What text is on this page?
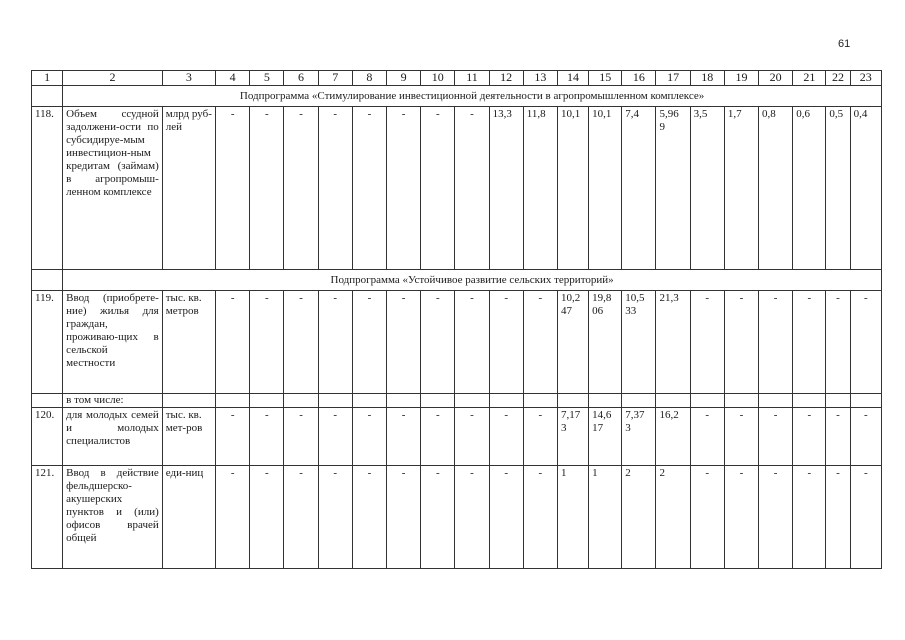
61
1	2	3	4	5	6	7	8	9	10	11	12	13	14	15	16	17	18	19	20	21	22	23
	Подпрограмма «Стимулирование инвестиционной деятельности в агропромышленном комплексе»																					
118.	Объем ссудной задолжени-ости по субсидируе-мым инвестицион-ным кредитам (займам) в агропромыш-ленном комплексе	млрд руб-лей	-	-	-	-	-	-	-	-	13,3	11,8	10,1	10,1	7,4	5,96 9	3,5	1,7	0,8	0,6	0,5	0,4
	Подпрограмма «Устойчивое развитие сельских территорий»																					
119.	Ввод (приобрете-ние) жилья для граждан, проживаю-щих в сельской местности	тыс. кв. метров	-	-	-	-	-	-	-	-	-	-	10,2 47	19,8 06	10,5 33	21,3	-	-	-	-	-	-
	в том числе:																					
120.	для молодых семей и молодых специалистов	тыс. кв. мет-ров	-	-	-	-	-	-	-	-	-	-	7,17 3	14,6 17	7,37 3	16,2	-	-	-	-	-	-
121.	Ввод в действие фельдшерско-акушерских пунктов и (или) офисов врачей общей	еди-ниц	-	-	-	-	-	-	-	-	-	-	1	1	2	2	-	-	-	-	-	-
